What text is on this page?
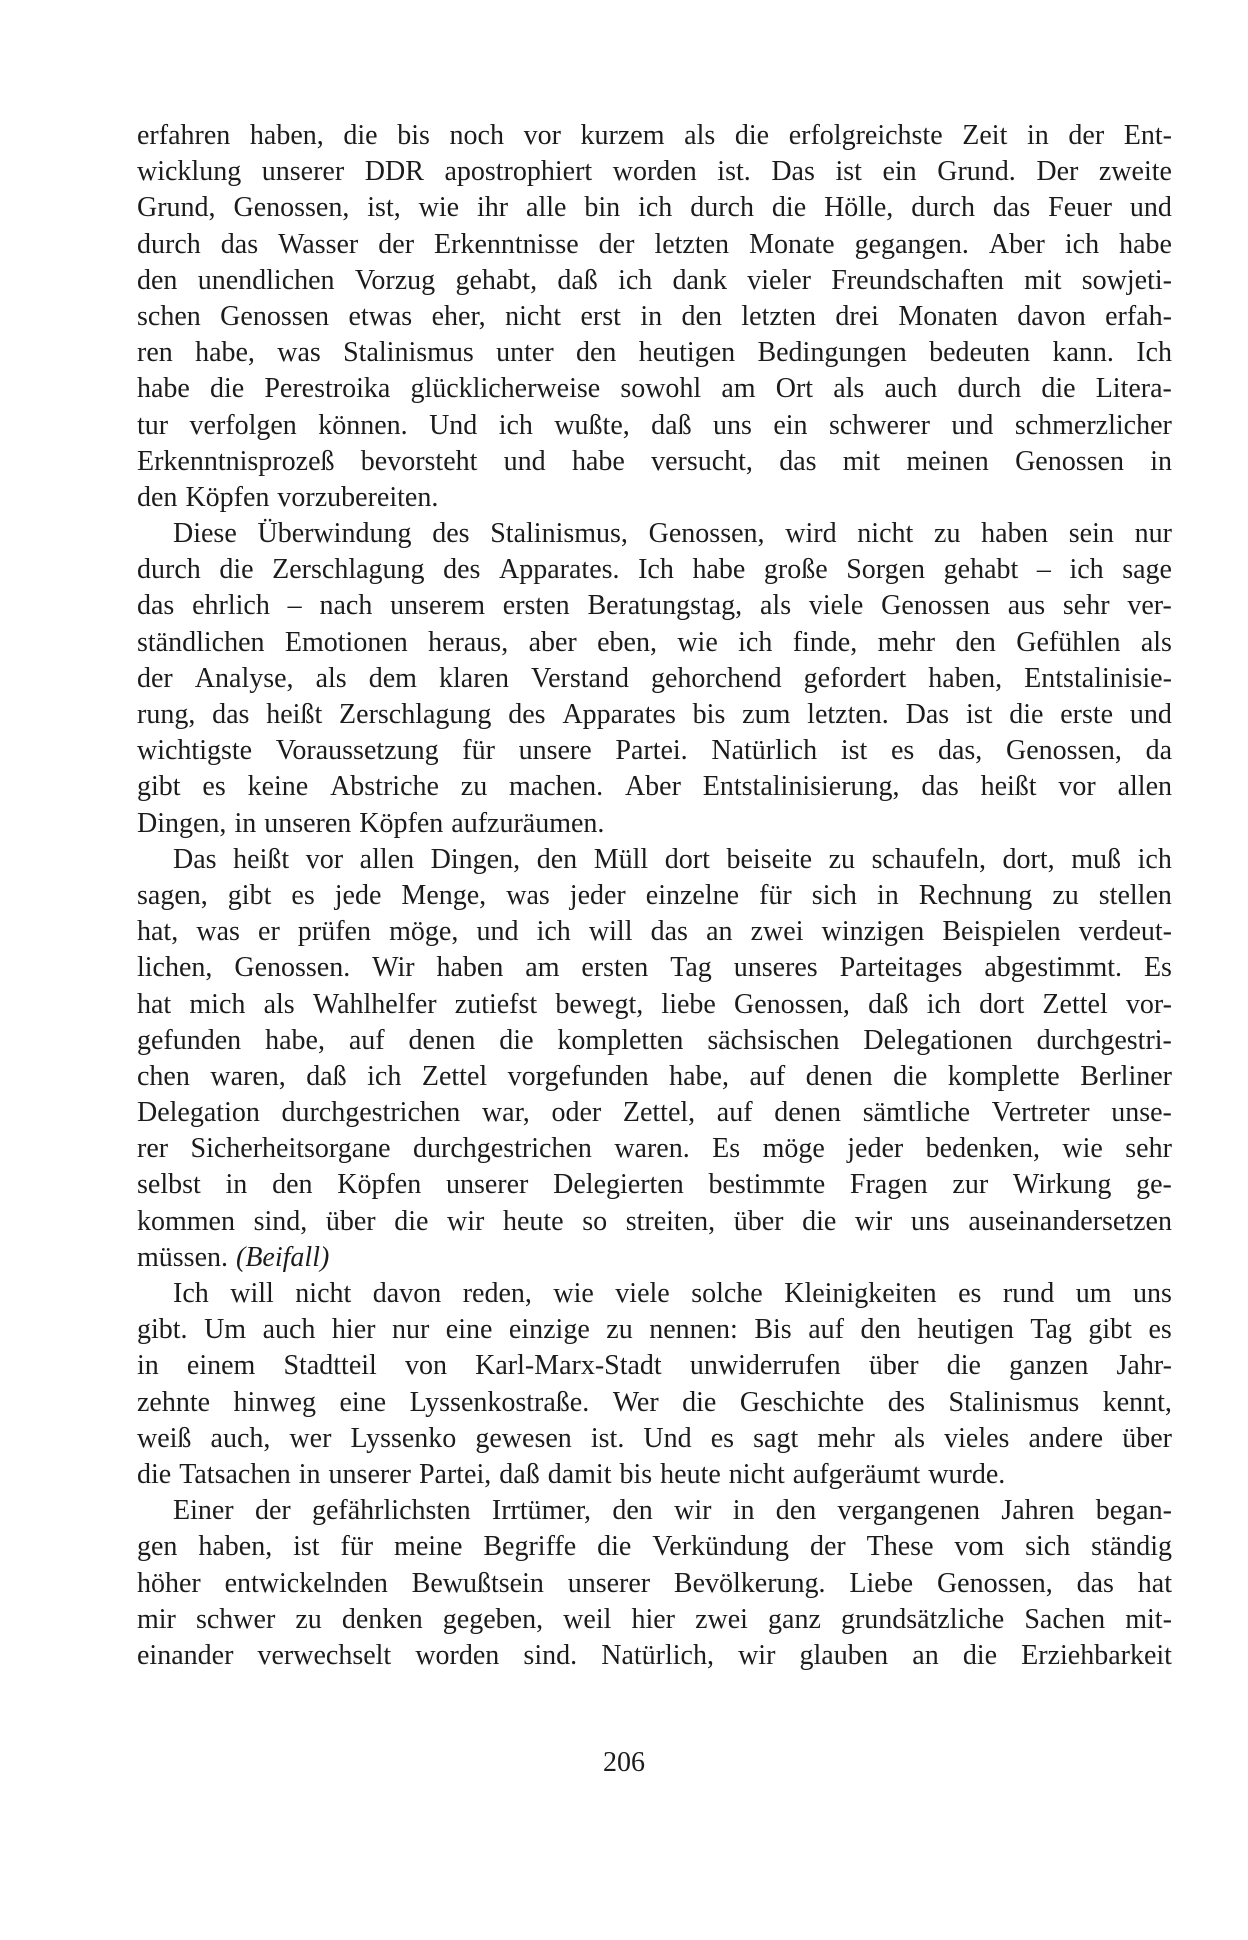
erfahren haben, die bis noch vor kurzem als die erfolgreichste Zeit in der Ent-
wicklung unserer DDR apostrophiert worden ist. Das ist ein Grund. Der zweite
Grund, Genossen, ist, wie ihr alle bin ich durch die Hölle, durch das Feuer und
durch das Wasser der Erkenntnisse der letzten Monate gegangen. Aber ich habe
den unendlichen Vorzug gehabt, daß ich dank vieler Freundschaften mit sowjeti-
schen Genossen etwas eher, nicht erst in den letzten drei Monaten davon erfah-
ren habe, was Stalinismus unter den heutigen Bedingungen bedeuten kann. Ich
habe die Perestroika glücklicherweise sowohl am Ort als auch durch die Litera-
tur verfolgen können. Und ich wußte, daß uns ein schwerer und schmerzlicher
Erkenntnisprozeß bevorsteht und habe versucht, das mit meinen Genossen in
den Köpfen vorzubereiten.
Diese Überwindung des Stalinismus, Genossen, wird nicht zu haben sein nur
durch die Zerschlagung des Apparates. Ich habe große Sorgen gehabt – ich sage
das ehrlich – nach unserem ersten Beratungstag, als viele Genossen aus sehr ver-
ständlichen Emotionen heraus, aber eben, wie ich finde, mehr den Gefühlen als
der Analyse, als dem klaren Verstand gehorchend gefordert haben, Entstalinisie-
rung, das heißt Zerschlagung des Apparates bis zum letzten. Das ist die erste und
wichtigste Voraussetzung für unsere Partei. Natürlich ist es das, Genossen, da
gibt es keine Abstriche zu machen. Aber Entstalinisierung, das heißt vor allen
Dingen, in unseren Köpfen aufzuräumen.
Das heißt vor allen Dingen, den Müll dort beiseite zu schaufeln, dort, muß ich
sagen, gibt es jede Menge, was jeder einzelne für sich in Rechnung zu stellen
hat, was er prüfen möge, und ich will das an zwei winzigen Beispielen verdeut-
lichen, Genossen. Wir haben am ersten Tag unseres Parteitages abgestimmt. Es
hat mich als Wahlhelfer zutiefst bewegt, liebe Genossen, daß ich dort Zettel vor-
gefunden habe, auf denen die kompletten sächsischen Delegationen durchgestri-
chen waren, daß ich Zettel vorgefunden habe, auf denen die komplette Berliner
Delegation durchgestrichen war, oder Zettel, auf denen sämtliche Vertreter unse-
rer Sicherheitsorgane durchgestrichen waren. Es möge jeder bedenken, wie sehr
selbst in den Köpfen unserer Delegierten bestimmte Fragen zur Wirkung ge-
kommen sind, über die wir heute so streiten, über die wir uns auseinandersetzen
müssen. (Beifall)
Ich will nicht davon reden, wie viele solche Kleinigkeiten es rund um uns
gibt. Um auch hier nur eine einzige zu nennen: Bis auf den heutigen Tag gibt es
in einem Stadtteil von Karl-Marx-Stadt unwiderrufen über die ganzen Jahr-
zehnte hinweg eine Lyssenkostraße. Wer die Geschichte des Stalinismus kennt,
weiß auch, wer Lyssenko gewesen ist. Und es sagt mehr als vieles andere über
die Tatsachen in unserer Partei, daß damit bis heute nicht aufgeräumt wurde.
Einer der gefährlichsten Irrtümer, den wir in den vergangenen Jahren began-
gen haben, ist für meine Begriffe die Verkündung der These vom sich ständig
höher entwickelnden Bewußtsein unserer Bevölkerung. Liebe Genossen, das hat
mir schwer zu denken gegeben, weil hier zwei ganz grundsätzliche Sachen mit-
einander verwechselt worden sind. Natürlich, wir glauben an die Erziehbarkeit
206
